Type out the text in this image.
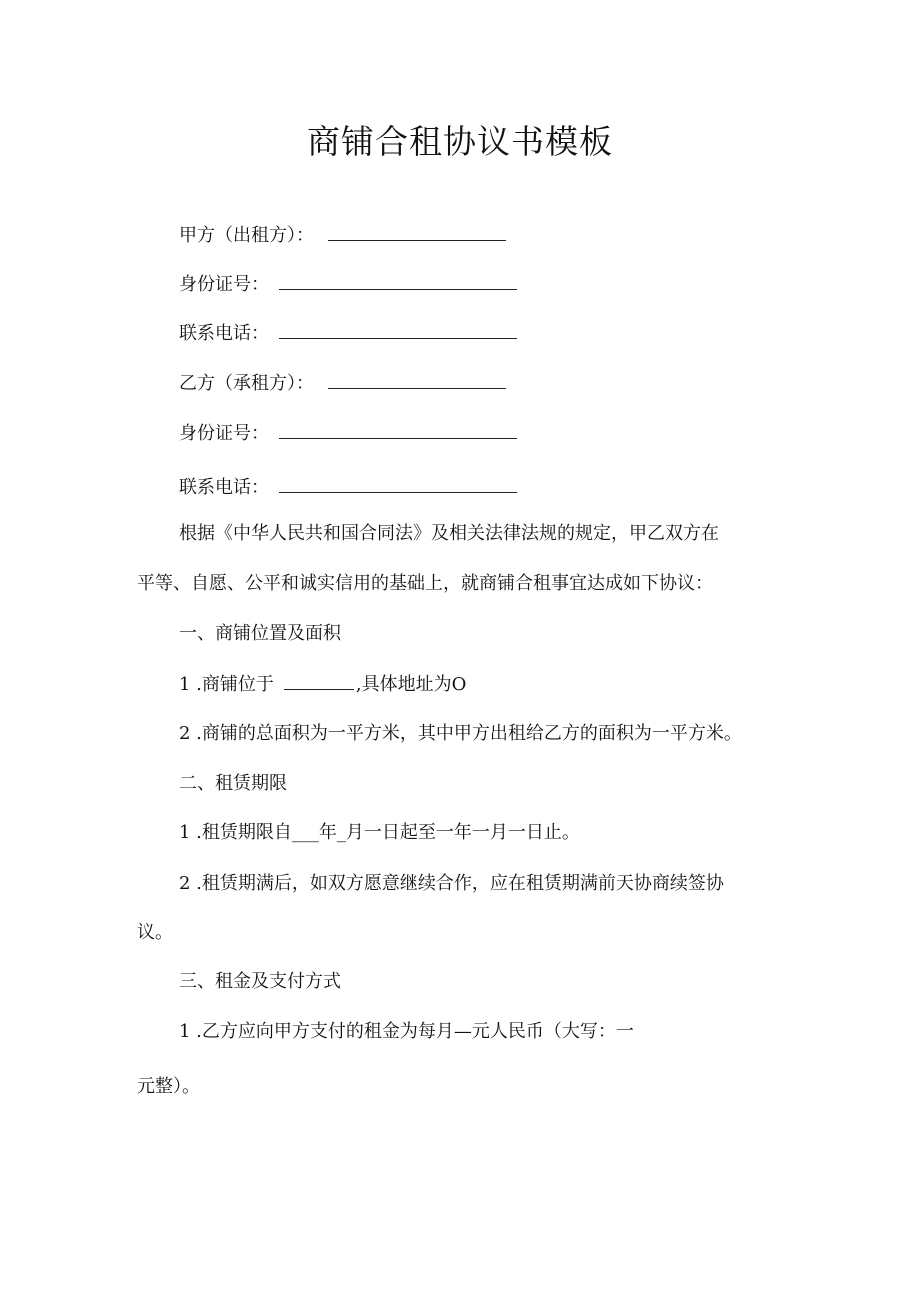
商铺合租协议书模板
甲方（出租方）：
身份证号：
联系电话：
乙方（承租方）：
身份证号：
联系电话：
根据《中华人民共和国合同法》及相关法律法规的规定，甲乙双方在
平等、自愿、公平和诚实信用的基础上，就商铺合租事宜达成如下协议：
一、商铺位置及面积
1 .商铺位于	,具体地址为O
2 .商铺的总面积为一平方米，其中甲方出租给乙方的面积为一平方米。
二、租赁期限
1 .租赁期限自___年_月一日起至一年一月一日止。
2 .租赁期满后，如双方愿意继续合作，应在租赁期满前天协商续签协
议。
三、租金及支付方式
1 .乙方应向甲方支付的租金为每月—元人民币（大写：一
元整）。
